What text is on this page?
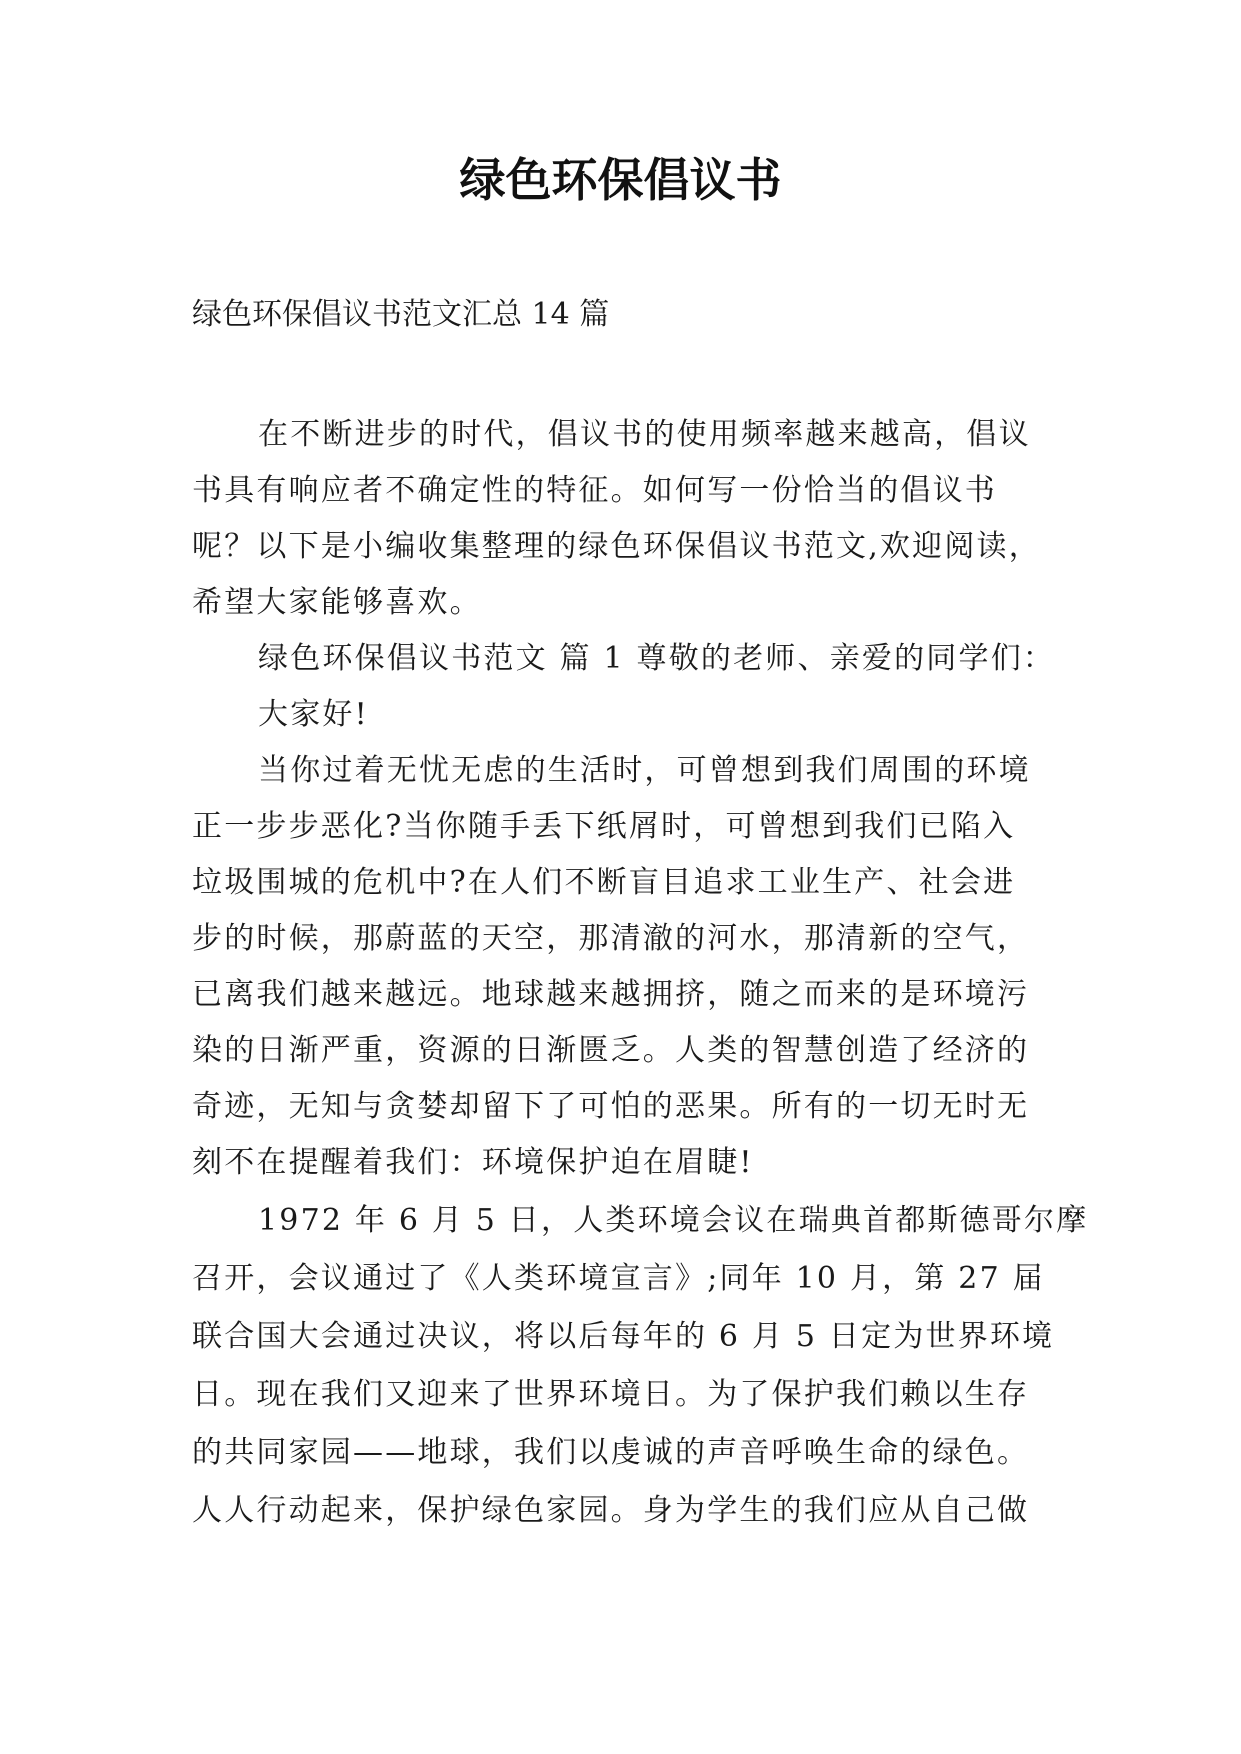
绿色环保倡议书

绿色环保倡议书范文汇总 14 篇

在不断进步的时代，倡议书的使用频率越来越高，倡议

书具有响应者不确定性的特征。如何写一份恰当的倡议书

呢？以下是小编收集整理的绿色环保倡议书范文,欢迎阅读，

希望大家能够喜欢。

绿色环保倡议书范文 篇 1 尊敬的老师、亲爱的同学们：

大家好!

当你过着无忧无虑的生活时，可曾想到我们周围的环境

正一步步恶化?当你随手丢下纸屑时，可曾想到我们已陷入

垃圾围城的危机中?在人们不断盲目追求工业生产、社会进

步的时候，那蔚蓝的天空，那清澈的河水，那清新的空气，

已离我们越来越远。地球越来越拥挤，随之而来的是环境污

染的日渐严重，资源的日渐匮乏。人类的智慧创造了经济的

奇迹，无知与贪婪却留下了可怕的恶果。所有的一切无时无

刻不在提醒着我们：环境保护迫在眉睫!

1972 年 6 月 5 日，人类环境会议在瑞典首都斯德哥尔摩

召开，会议通过了《人类环境宣言》;同年 10 月，第 27 届

联合国大会通过决议，将以后每年的 6 月 5 日定为世界环境

日。现在我们又迎来了世界环境日。为了保护我们赖以生存

的共同家园——地球，我们以虔诚的声音呼唤生命的绿色。

人人行动起来，保护绿色家园。身为学生的我们应从自己做
